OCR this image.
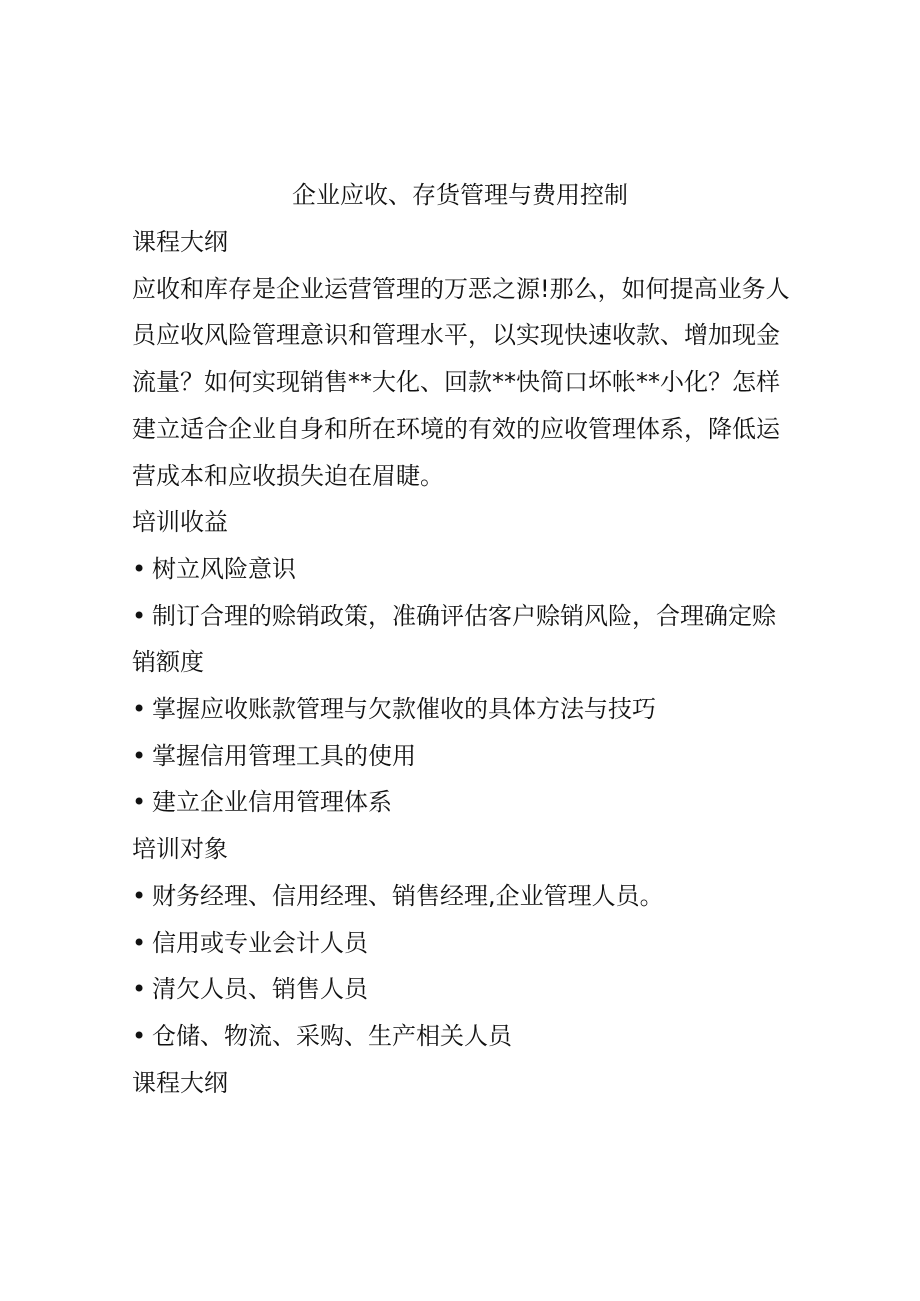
企业应收、存货管理与费用控制

课程大纲

应收和库存是企业运营管理的万恶之源!那么，如何提高业务人员应收风险管理意识和管理水平，以实现快速收款、增加现金流量？如何实现销售**大化、回款**快简口坏帐**小化？怎样建立适合企业自身和所在环境的有效的应收管理体系，降低运营成本和应收损失迫在眉睫。

培训收益

• 树立风险意识
• 制订合理的赊销政策，准确评估客户赊销风险，合理确定赊销额度
• 掌握应收账款管理与欠款催收的具体方法与技巧
• 掌握信用管理工具的使用
• 建立企业信用管理体系

培训对象

• 财务经理、信用经理、销售经理,企业管理人员。
• 信用或专业会计人员
• 清欠人员、销售人员
• 仓储、物流、采购、生产相关人员

课程大纲
